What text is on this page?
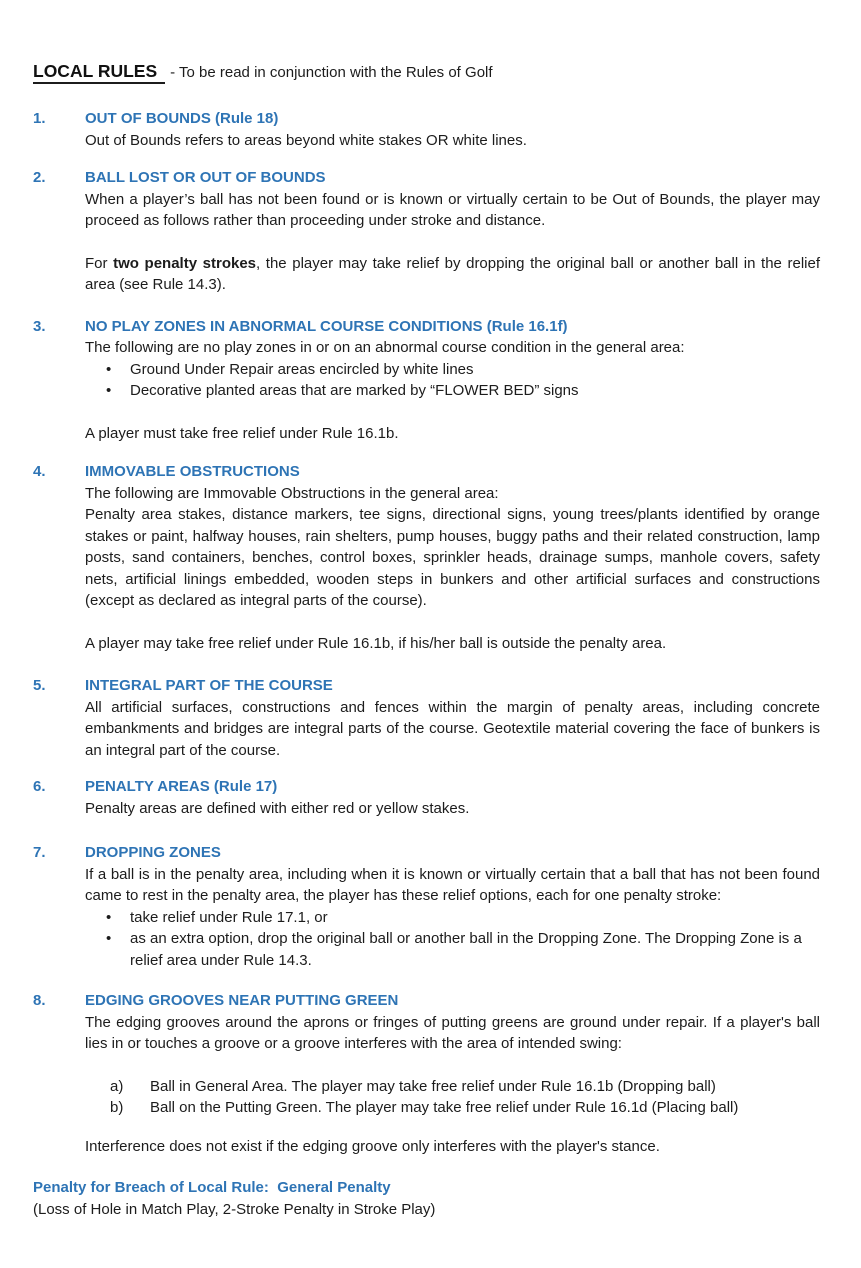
LOCAL RULES - To be read in conjunction with the Rules of Golf
1.	OUT OF BOUNDS (Rule 18)

Out of Bounds refers to areas beyond white stakes OR white lines.

2.	BALL LOST OR OUT OF BOUNDS

When a player’s ball has not been found or is known or virtually certain to be Out of Bounds, the player may proceed as follows rather than proceeding under stroke and distance.

For two penalty strokes, the player may take relief by dropping the original ball or another ball in the relief area (see Rule 14.3).

3.	NO PLAY ZONES IN ABNORMAL COURSE CONDITIONS (Rule 16.1f)

The following are no play zones in or on an abnormal course condition in the general area:

•	Ground Under Repair areas encircled by white lines
•	Decorative planted areas that are marked by “FLOWER BED” signs

A player must take free relief under Rule 16.1b.

4.	IMMOVABLE OBSTRUCTIONS

The following are Immovable Obstructions in the general area:

Penalty area stakes, distance markers, tee signs, directional signs, young trees/plants identified by orange stakes or paint, halfway houses, rain shelters, pump houses, buggy paths and their related construction, lamp posts, sand containers, benches, control boxes, sprinkler heads, drainage sumps, manhole covers, safety nets, artificial linings embedded, wooden steps in bunkers and other artificial surfaces and constructions (except as declared as integral parts of the course).

A player may take free relief under Rule 16.1b, if his/her ball is outside the penalty area.

5.	INTEGRAL PART OF THE COURSE

All artificial surfaces, constructions and fences within the margin of penalty areas, including concrete embankments and bridges are integral parts of the course. Geotextile material covering the face of bunkers is an integral part of the course.

6.	PENALTY AREAS (Rule 17)

Penalty areas are defined with either red or yellow stakes.

7.	DROPPING ZONES

If a ball is in the penalty area, including when it is known or virtually certain that a ball that has not been found came to rest in the penalty area, the player has these relief options, each for one penalty stroke:

•	take relief under Rule 17.1, or
•	as an extra option, drop the original ball or another ball in the Dropping Zone. The Dropping Zone is a relief area under Rule 14.3.
8.	EDGING GROOVES NEAR PUTTING GREEN

The edging grooves around the aprons or fringes of putting greens are ground under repair. If a player's ball lies in or touches a groove or a groove interferes with the area of intended swing:

a)	Ball in General Area. The player may take free relief under Rule 16.1b (Dropping ball)
b)	Ball on the Putting Green. The player may take free relief under Rule 16.1d (Placing ball)

Interference does not exist if the edging groove only interferes with the player's stance.

Penalty for Breach of Local Rule:  General Penalty
(Loss of Hole in Match Play, 2-Stroke Penalty in Stroke Play)
